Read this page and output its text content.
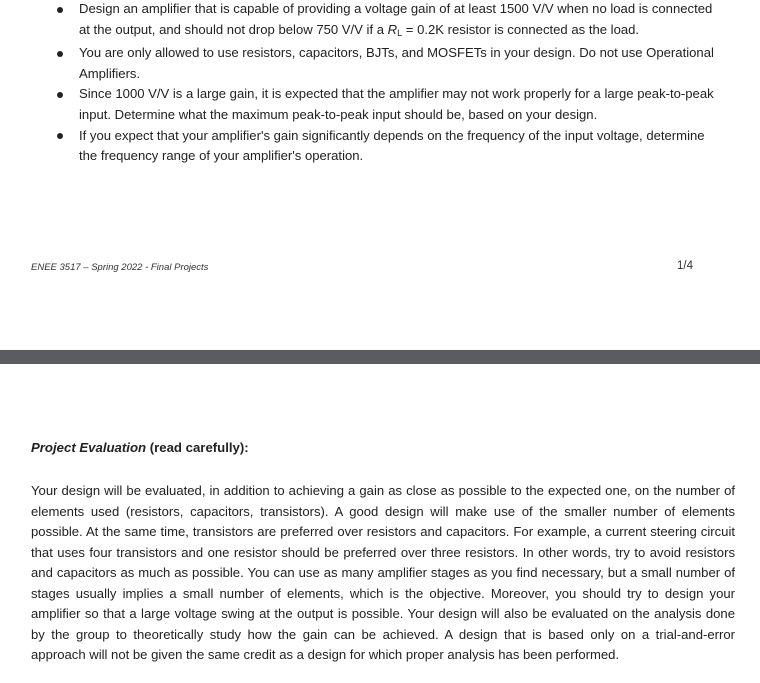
Design an amplifier that is capable of providing a voltage gain of at least 1500 V/V when no load is connected at the output, and should not drop below 750 V/V if a $R_L = 0.2K$ resistor is connected as the load.
You are only allowed to use resistors, capacitors, BJTs, and MOSFETs in your design. Do not use Operational Amplifiers.
Since 1000 V/V is a large gain, it is expected that the amplifier may not work properly for a large peak-to-peak input. Determine what the maximum peak-to-peak input should be, based on your design.
If you expect that your amplifier's gain significantly depends on the frequency of the input voltage, determine the frequency range of your amplifier's operation.
ENEE 3517 – Spring 2022 - Final Projects	1/4
Project Evaluation (read carefully):

Your design will be evaluated, in addition to achieving a gain as close as possible to the expected one, on the number of elements used (resistors, capacitors, transistors). A good design will make use of the smaller number of elements possible. At the same time, transistors are preferred over resistors and capacitors. For example, a current steering circuit that uses four transistors and one resistor should be preferred over three resistors. In other words, try to avoid resistors and capacitors as much as possible. You can use as many amplifier stages as you find necessary, but a small number of stages usually implies a small number of elements, which is the objective. Moreover, you should try to design your amplifier so that a large voltage swing at the output is possible. Your design will also be evaluated on the analysis done by the group to theoretically study how the gain can be achieved. A design that is based only on a trial-and-error approach will not be given the same credit as a design for which proper analysis has been performed.
